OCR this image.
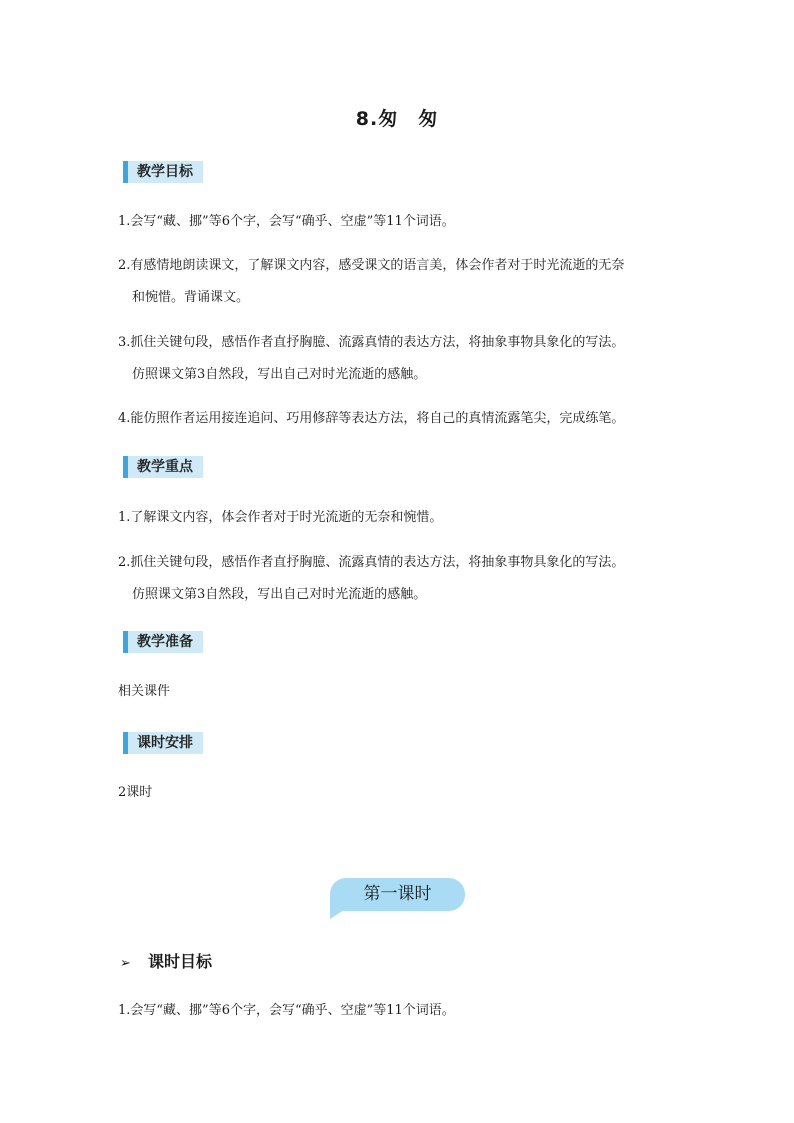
8.匆　匆
教学目标
1.会写“藏、挪”等6个字，会写“确乎、空虚”等11个词语。
2.有感情地朗读课文，了解课文内容，感受课文的语言美，体会作者对于时光流逝的无奈
和惋惜。背诵课文。
3.抓住关键句段，感悟作者直抒胸臆、流露真情的表达方法，将抽象事物具象化的写法。
仿照课文第3自然段，写出自己对时光流逝的感触。
4.能仿照作者运用接连追问、巧用修辞等表达方法，将自己的真情流露笔尖，完成练笔。
教学重点
1.了解课文内容，体会作者对于时光流逝的无奈和惋惜。
2.抓住关键句段，感悟作者直抒胸臆、流露真情的表达方法，将抽象事物具象化的写法。
仿照课文第3自然段，写出自己对时光流逝的感触。
教学准备
相关课件
课时安排
2课时
第一课时
➢ 课时目标
1.会写“藏、挪”等6个字，会写“确乎、空虚”等11个词语。
